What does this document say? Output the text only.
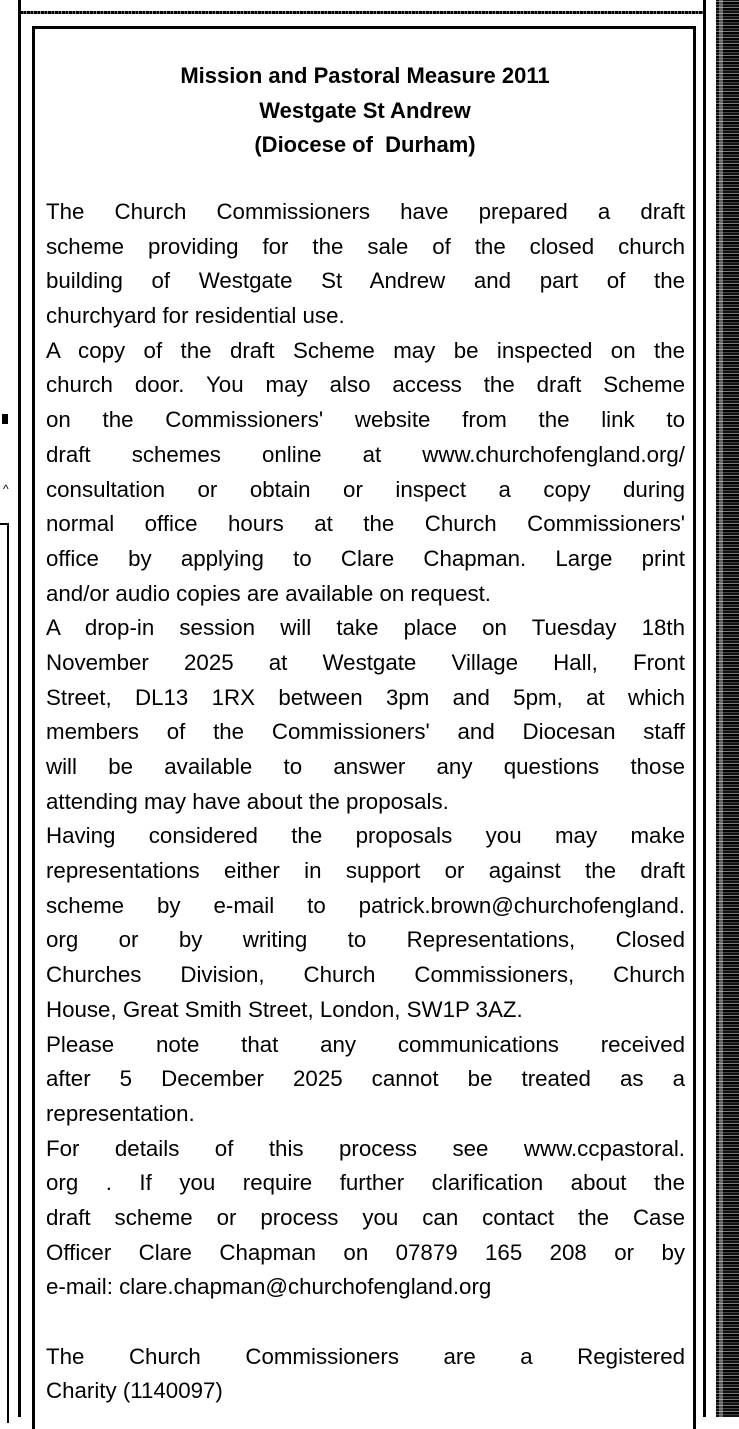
^
Mission and Pastoral Measure 2011
Westgate St Andrew
(Diocese of  Durham)
The Church Commissioners have prepared a draft
scheme providing for the sale of the closed church
building of Westgate St Andrew and part of the
churchyard for residential use.
A copy of the draft Scheme may be inspected on the
church door. You may also access the draft Scheme
on the Commissioners' website from the link to
draft schemes online at www.churchofengland.org/
consultation or obtain or inspect a copy during
normal office hours at the Church Commissioners'
office by applying to Clare Chapman. Large print
and/or audio copies are available on request.
A drop-in session will take place on Tuesday 18th
November 2025 at Westgate Village Hall, Front
Street, DL13 1RX between 3pm and 5pm, at which
members of the Commissioners' and Diocesan staff
will be available to answer any questions those
attending may have about the proposals.
Having considered the proposals you may make
representations either in support or against the draft
scheme by e-mail to patrick.brown@churchofengland.
org or by writing to Representations, Closed
Churches Division, Church Commissioners, Church
House, Great Smith Street, London, SW1P 3AZ.
Please note that any communications received
after 5 December 2025 cannot be treated as a
representation.
For details of this process see www.ccpastoral.
org . If you require further clarification about the
draft scheme or process you can contact the Case
Officer Clare Chapman on 07879 165 208 or by
e-mail: clare.chapman@churchofengland.org
The Church Commissioners are a Registered
Charity (1140097)
